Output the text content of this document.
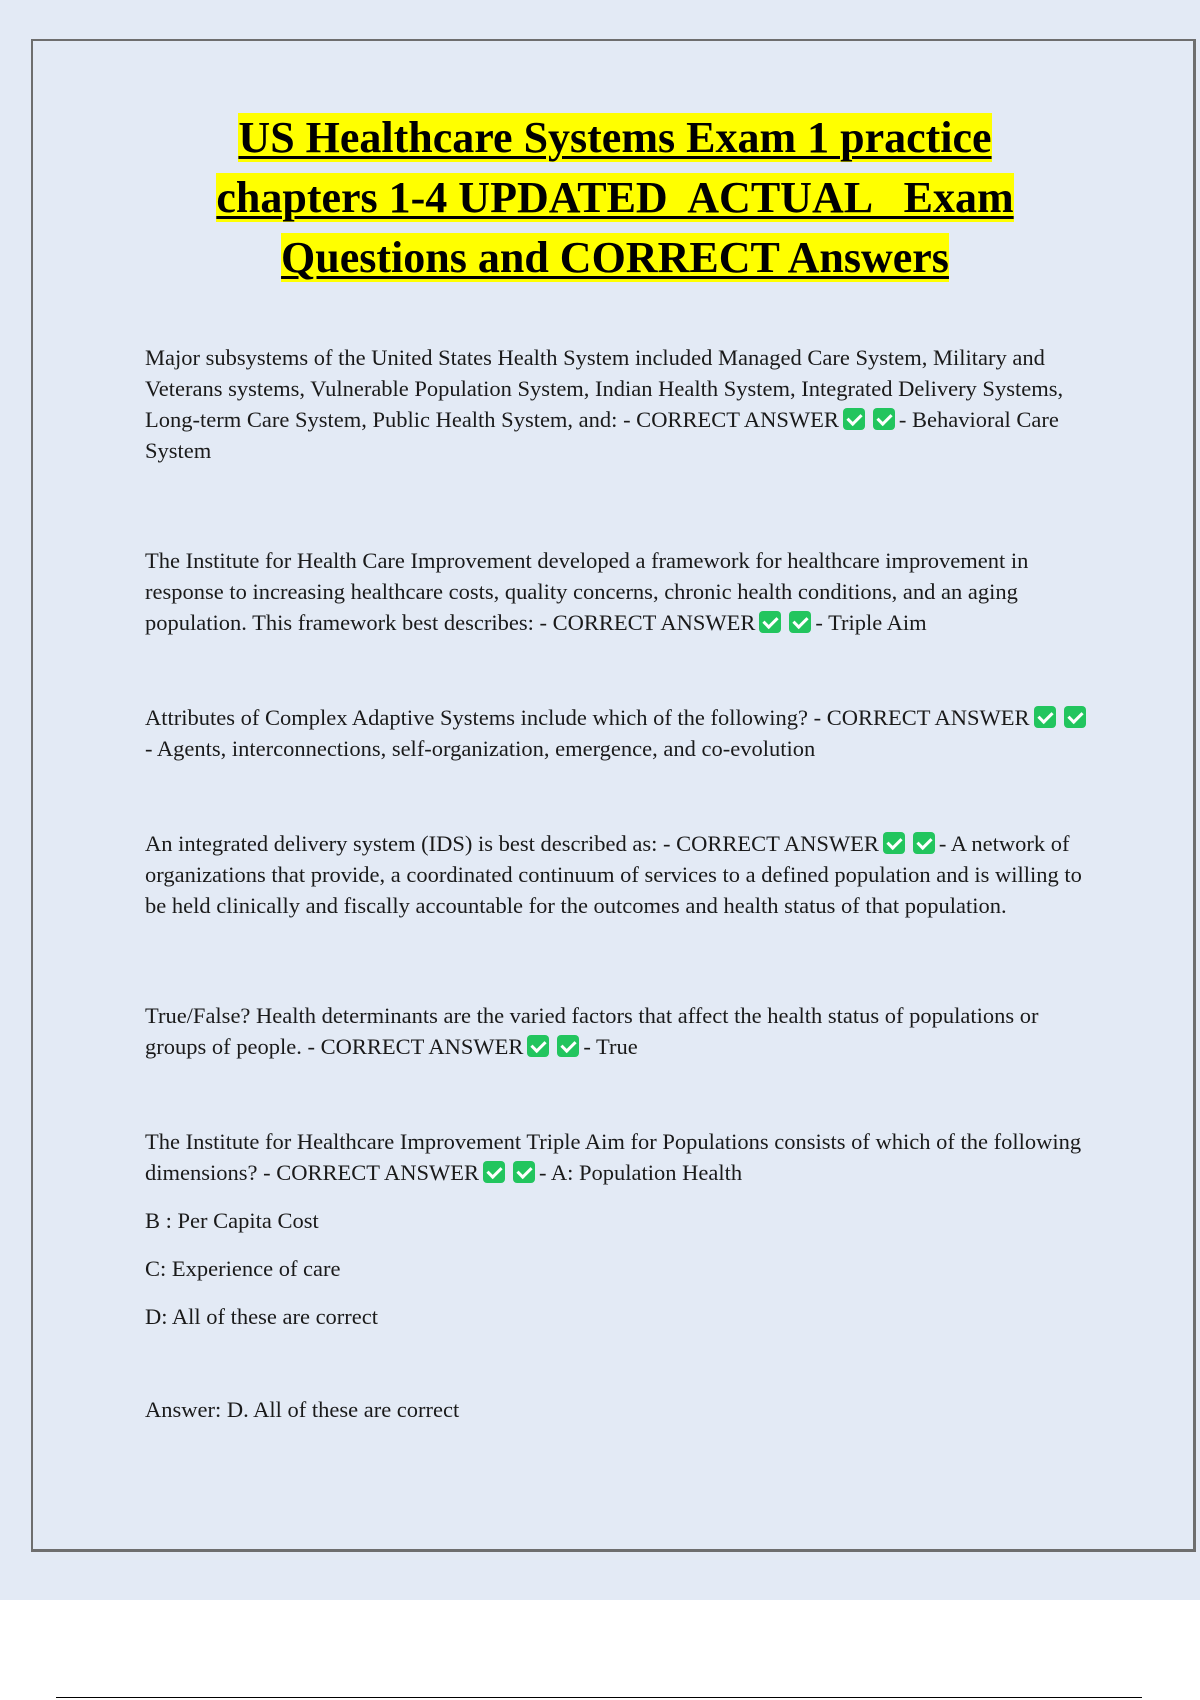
US Healthcare Systems Exam 1 practice
chapters 1-4 UPDATED  ACTUAL   Exam
Questions and CORRECT Answers

Major subsystems of the United States Health System included Managed Care System, Military and Veterans systems, Vulnerable Population System, Indian Health System, Integrated Delivery Systems, Long-term Care System, Public Health System, and: - CORRECT ANSWER	- Behavioral Care System

The Institute for Health Care Improvement developed a framework for healthcare improvement in response to increasing healthcare costs, quality concerns, chronic health conditions, and an aging population. This framework best describes: - CORRECT ANSWER	- Triple Aim

Attributes of Complex Adaptive Systems include which of the following? - CORRECT ANSWER- Agents, interconnections, self-organization, emergence, and co-evolution

An integrated delivery system (IDS) is best described as: - CORRECT ANSWER	- A network of organizations that provide, a coordinated continuum of services to a defined population and is willing to be held clinically and fiscally accountable for the outcomes and health status of that population.

True/False? Health determinants are the varied factors that affect the health status of populations or groups of people. - CORRECT ANSWER	- True

The Institute for Healthcare Improvement Triple Aim for Populations consists of which of the following dimensions? - CORRECT ANSWER	- A: Population Health

B : Per Capita Cost

C: Experience of care

D: All of these are correct

Answer: D. All of these are correct
